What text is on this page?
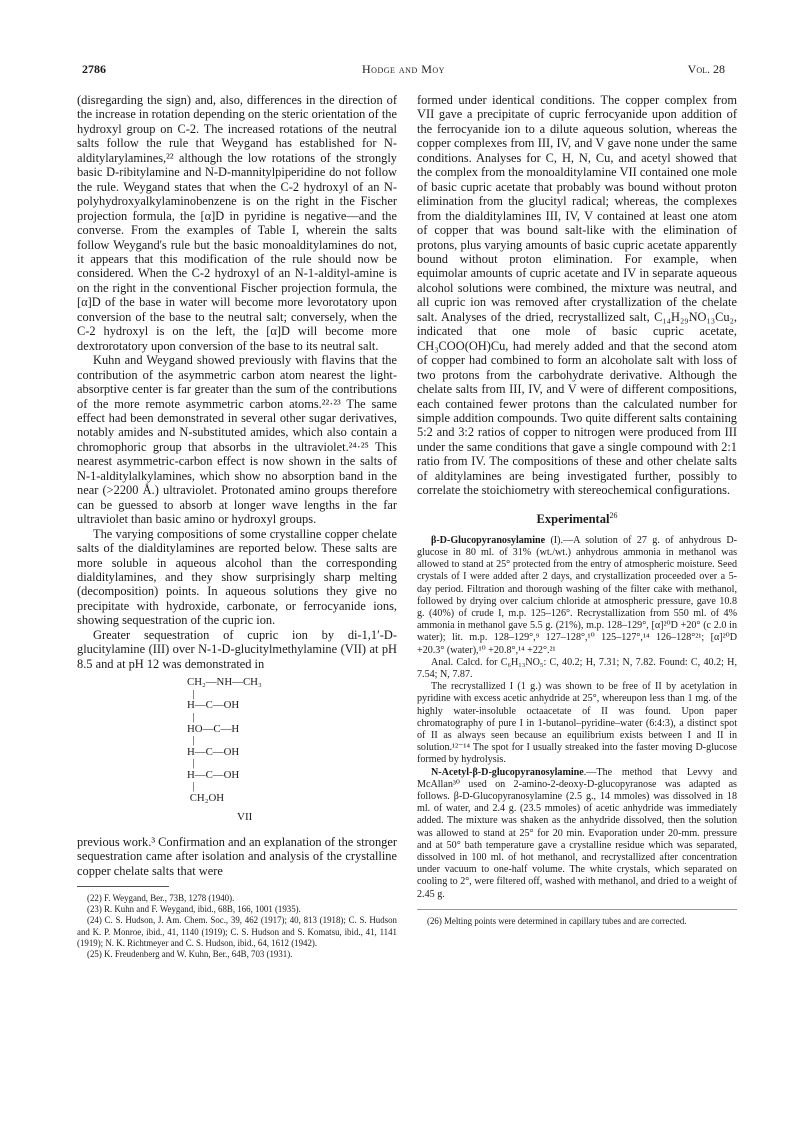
2786	Hodge and Moy	Vol. 28

(disregarding the sign) and, also, differences in the direction of the increase in rotation depending on the steric orientation of the hydroxyl group on C-2. The increased rotations of the neutral salts follow the rule that Weygand has established for N-alditylarylamines,²² although the low rotations of the strongly basic D-ribitylamine and N-D-mannitylpiperidine do not follow the rule. Weygand states that when the C-2 hydroxyl of an N-polyhydroxyalkylaminobenzene is on the right in the Fischer projection formula, the [α]D in pyridine is negative—and the converse. From the examples of Table I, wherein the salts follow Weygand's rule but the basic monoalditylamines do not, it appears that this modification of the rule should now be considered. When the C-2 hydroxyl of an N-1-aldityl-amine is on the right in the conventional Fischer projection formula, the [α]D of the base in water will become more levorotatory upon conversion of the base to the neutral salt; conversely, when the C-2 hydroxyl is on the left, the [α]D will become more dextrorotatory upon conversion of the base to its neutral salt.

Kuhn and Weygand showed previously with flavins that the contribution of the asymmetric carbon atom nearest the light-absorptive center is far greater than the sum of the contributions of the more remote asymmetric carbon atoms.²²·²³ The same effect had been demonstrated in several other sugar derivatives, notably amides and N-substituted amides, which also contain a chromophoric group that absorbs in the ultraviolet.²⁴·²⁵ This nearest asymmetric-carbon effect is now shown in the salts of N-1-alditylalkylamines, which show no absorption band in the near (>2200 Å.) ultraviolet. Protonated amino groups therefore can be guessed to absorb at longer wave lengths in the far ultraviolet than basic amino or hydroxyl groups.

The varying compositions of some crystalline copper chelate salts of the dialditylamines are reported below. These salts are more soluble in aqueous alcohol than the corresponding dialditylamines, and they show surprisingly sharp melting (decomposition) points. In aqueous solutions they give no precipitate with hydroxide, carbonate, or ferrocyanide ions, showing sequestration of the cupric ion.

Greater sequestration of cupric ion by di-1,1′-D-glucitylamine (III) over N-1-D-glucitylmethylamine (VII) at pH 8.5 and at pH 12 was demonstrated in

CH₂—NH—CH₃
|
H—C—OH
|
HO—C—H
|
H—C—OH
|
H—C—OH
|
CH₂OH
VII

previous work.³ Confirmation and an explanation of the stronger sequestration came after isolation and analysis of the crystalline copper chelate salts that were

(22) F. Weygand, Ber., 73B, 1278 (1940).

(23) R. Kuhn and F. Weygand, ibid., 68B, 166, 1001 (1935).

(24) C. S. Hudson, J. Am. Chem. Soc., 39, 462 (1917); 40, 813 (1918); C. S. Hudson and K. P. Monroe, ibid., 41, 1140 (1919); C. S. Hudson and S. Komatsu, ibid., 41, 1141 (1919); N. K. Richtmeyer and C. S. Hudson, ibid., 64, 1612 (1942).

(25) K. Freudenberg and W. Kuhn, Ber., 64B, 703 (1931).

formed under identical conditions. The copper complex from VII gave a precipitate of cupric ferrocyanide upon addition of the ferrocyanide ion to a dilute aqueous solution, whereas the copper complexes from III, IV, and V gave none under the same conditions. Analyses for C, H, N, Cu, and acetyl showed that the complex from the monoalditylamine VII contained one mole of basic cupric acetate that probably was bound without proton elimination from the glucityl radical; whereas, the complexes from the dialditylamines III, IV, V contained at least one atom of copper that was bound salt-like with the elimination of protons, plus varying amounts of basic cupric acetate apparently bound without proton elimination. For example, when equimolar amounts of cupric acetate and IV in separate aqueous alcohol solutions were combined, the mixture was neutral, and all cupric ion was removed after crystallization of the chelate salt. Analyses of the dried, recrystallized salt, C₁₄H₂₉NO₁₃Cu₂, indicated that one mole of basic cupric acetate, CH₃COO(OH)Cu, had merely added and that the second atom of copper had combined to form an alcoholate salt with loss of two protons from the carbohydrate derivative. Although the chelate salts from III, IV, and V were of different compositions, each contained fewer protons than the calculated number for simple addition compounds. Two quite different salts containing 5:2 and 3:2 ratios of copper to nitrogen were produced from III under the same conditions that gave a single compound with 2:1 ratio from IV. The compositions of these and other chelate salts of alditylamines are being investigated further, possibly to correlate the stoichiometry with stereochemical configurations.

Experimental$^{26}$

β-D-Glucopyranosylamine (I).—A solution of 27 g. of anhydrous D-glucose in 80 ml. of 31% (wt./wt.) anhydrous ammonia in methanol was allowed to stand at 25° protected from the entry of atmospheric moisture. Seed crystals of I were added after 2 days, and crystallization proceeded over a 5-day period. Filtration and thorough washing of the filter cake with methanol, followed by drying over calcium chloride at atmospheric pressure, gave 10.8 g. (40%) of crude I, m.p. 125–126°. Recrystallization from 550 ml. of 4% ammonia in methanol gave 5.5 g. (21%), m.p. 128–129°, [α]²⁰D +20° (c 2.0 in water); lit. m.p. 128–129°,⁹ 127–128°,¹⁰ 125–127°,¹⁴ 126–128°²¹; [α]²⁰D +20.3° (water),¹⁰ +20.8°,¹⁴ +22°.²¹

Anal. Calcd. for C₆H₁₃NO₅: C, 40.2; H, 7.31; N, 7.82. Found: C, 40.2; H, 7.54; N, 7.87.

The recrystallized I (1 g.) was shown to be free of II by acetylation in pyridine with excess acetic anhydride at 25°, whereupon less than 1 mg. of the highly water-insoluble octaacetate of II was found. Upon paper chromatography of pure I in 1-butanol–pyridine–water (6:4:3), a distinct spot of II as always seen because an equilibrium exists between I and II in solution.¹²⁻¹⁴ The spot for I usually streaked into the faster moving D-glucose formed by hydrolysis.

N-Acetyl-β-D-glucopyranosylamine.—The method that Levvy and McAllan³⁰ used on 2-amino-2-deoxy-D-glucopyranose was adapted as follows. β-D-Glucopyranosylamine (2.5 g., 14 mmoles) was dissolved in 18 ml. of water, and 2.4 g. (23.5 mmoles) of acetic anhydride was immediately added. The mixture was shaken as the anhydride dissolved, then the solution was allowed to stand at 25° for 20 min. Evaporation under 20-mm. pressure and at 50° bath temperature gave a crystalline residue which was separated, dissolved in 100 ml. of hot methanol, and recrystallized after concentration under vacuum to one-half volume. The white crystals, which separated on cooling to 2°, were filtered off, washed with methanol, and dried to a weight of 2.45 g.

(26) Melting points were determined in capillary tubes and are corrected.
